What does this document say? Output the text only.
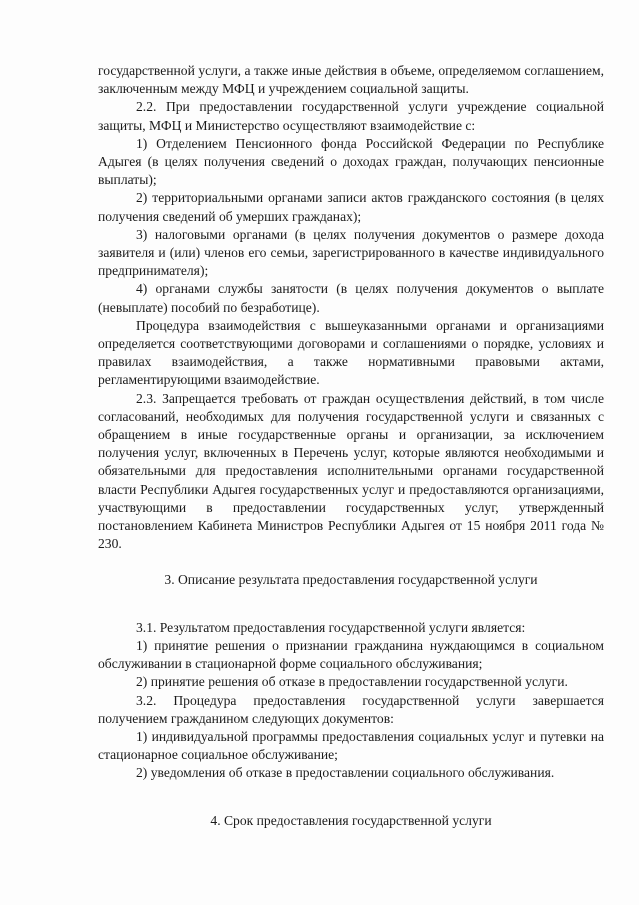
государственной услуги, а также иные действия в объеме, определяемом соглашением, заключенным между МФЦ и учреждением социальной защиты.

2.2. При предоставлении государственной услуги учреждение социальной защиты, МФЦ и Министерство осуществляют взаимодействие с:

1) Отделением Пенсионного фонда Российской Федерации по Республике Адыгея (в целях получения сведений о доходах граждан, получающих пенсионные выплаты);

2) территориальными органами записи актов гражданского состояния (в целях получения сведений об умерших гражданах);

3) налоговыми органами (в целях получения документов о размере дохода заявителя и (или) членов его семьи, зарегистрированного в качестве индивидуального предпринимателя);

4) органами службы занятости (в целях получения документов о выплате (невыплате) пособий по безработице).

Процедура взаимодействия с вышеуказанными органами и организациями определяется соответствующими договорами и соглашениями о порядке, условиях и правилах взаимодействия, а также нормативными правовыми актами, регламентирующими взаимодействие.

2.3. Запрещается требовать от граждан осуществления действий, в том числе согласований, необходимых для получения государственной услуги и связанных с обращением в иные государственные органы и организации, за исключением получения услуг, включенных в Перечень услуг, которые являются необходимыми и обязательными для предоставления исполнительными органами государственной власти Республики Адыгея государственных услуг и предоставляются организациями, участвующими в предоставлении государственных услуг, утвержденный постановлением Кабинета Министров Республики Адыгея от 15 ноября 2011 года № 230.

3. Описание результата предоставления государственной услуги

3.1. Результатом предоставления государственной услуги является:

1) принятие решения о признании гражданина нуждающимся в социальном обслуживании в стационарной форме социального обслуживания;

2) принятие решения об отказе в предоставлении государственной услуги.

3.2. Процедура предоставления государственной услуги завершается получением гражданином следующих документов:

1) индивидуальной программы предоставления социальных услуг и путевки на стационарное социальное обслуживание;

2) уведомления об отказе в предоставлении социального обслуживания.

4. Срок предоставления государственной услуги
